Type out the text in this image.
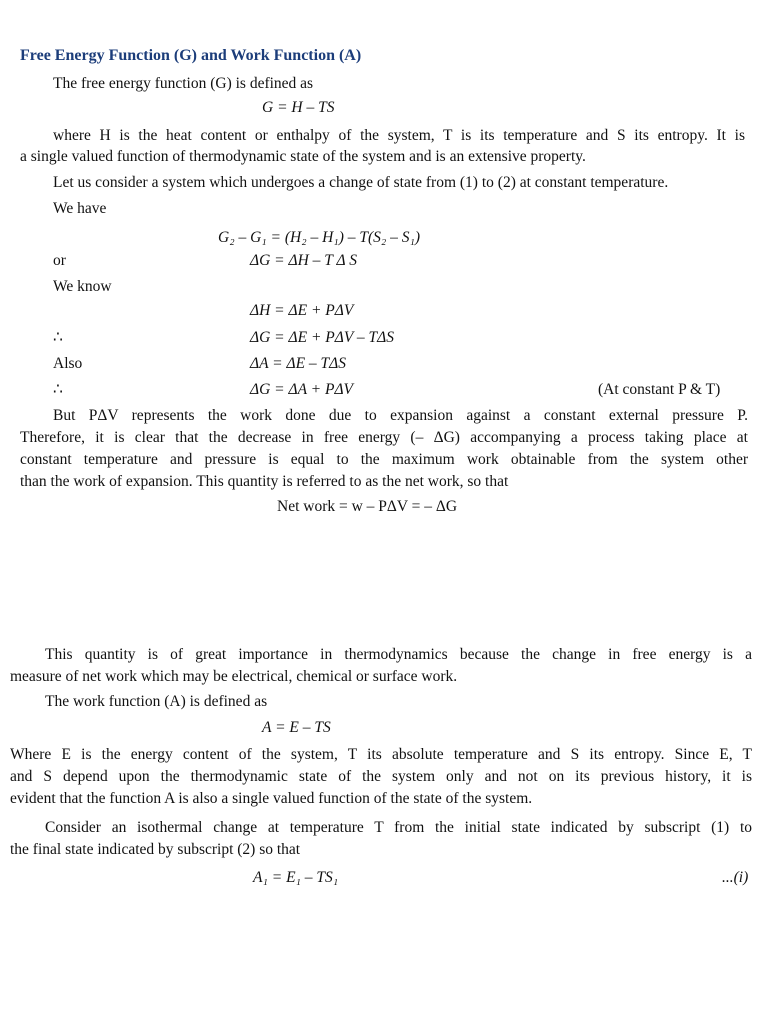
Free Energy Function (G) and Work Function (A)
The free energy function (G) is defined as
G = H – TS
where H is the heat content or enthalpy of the system, T is its temperature and S its entropy. It is
a single valued function of thermodynamic state of the system and is an extensive property.
Let us consider a system which undergoes a change of state from (1) to (2) at constant temperature.
We have
G₂ – G₁ = (H₂ – H₁) – T(S₂ – S₁)
or	ΔG = ΔH – T Δ S
We know
ΔH = ΔE + PΔV
∴	ΔG = ΔE + PΔV – TΔS
Also	ΔA = ΔE – TΔS
∴	ΔG = ΔA + PΔV	(At constant P & T)
But PΔV represents the work done due to expansion against a constant external pressure P.
Therefore, it is clear that the decrease in free energy (– ΔG) accompanying a process taking place at
constant temperature and pressure is equal to the maximum work obtainable from the system other
than the work of expansion. This quantity is referred to as the net work, so that
Net work = w – PΔV = – ΔG
This quantity is of great importance in thermodynamics because the change in free energy is a
measure of net work which may be electrical, chemical or surface work.
The work function (A) is defined as
A = E – TS
Where E is the energy content of the system, T its absolute temperature and S its entropy. Since E, T
and S depend upon the thermodynamic state of the system only and not on its previous history, it is
evident that the function A is also a single valued function of the state of the system.
Consider an isothermal change at temperature T from the initial state indicated by subscript (1) to
the final state indicated by subscript (2) so that
A₁ = E₁ – TS₁	...(i)
